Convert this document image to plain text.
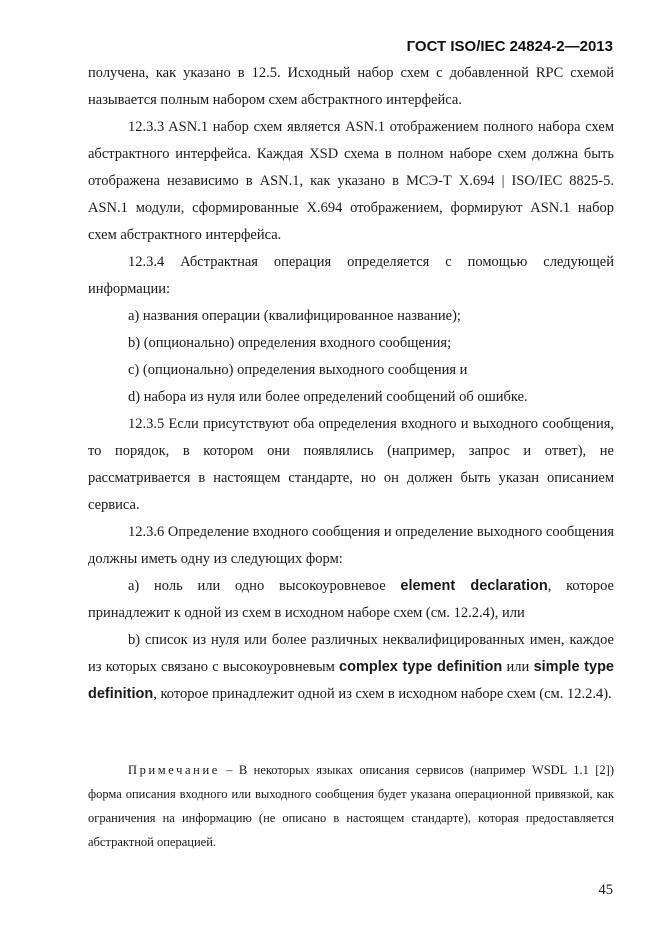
ГОСТ ISO/IEC 24824-2—2013

получена, как указано в 12.5. Исходный набор схем с добавленной RPC схемой называется полным набором схем абстрактного интерфейса.

12.3.3 ASN.1 набор схем является ASN.1 отображением полного набора схем абстрактного интерфейса. Каждая XSD схема в полном наборе схем должна быть отображена независимо в ASN.1, как указано в МСЭ-Т X.694 | ISO/IEC 8825-5. ASN.1 модули, сформированные X.694 отображением, формируют ASN.1 набор схем абстрактного интерфейса.

12.3.4 Абстрактная операция определяется с помощью следующей информации:

а) названия операции (квалифицированное название);

b) (опционально) определения входного сообщения;

с) (опционально) определения выходного сообщения и

d) набора из нуля или более определений сообщений об ошибке.

12.3.5 Если присутствуют оба определения входного и выходного сообщения, то порядок, в котором они появлялись (например, запрос и ответ), не рассматривается в настоящем стандарте, но он должен быть указан описанием сервиса.

12.3.6 Определение входного сообщения и определение выходного сообщения должны иметь одну из следующих форм:

а) ноль или одно высокоуровневое element declaration, которое принадлежит к одной из схем в исходном наборе схем (см. 12.2.4), или

b) список из нуля или более различных неквалифицированных имен, каждое из которых связано с высокоуровневым complex type definition или simple type definition, которое принадлежит одной из схем в исходном наборе схем (см. 12.2.4).

Примечание – В некоторых языках описания сервисов (например WSDL 1.1 [2]) форма описания входного или выходного сообщения будет указана операционной привязкой, как ограничения на информацию (не описано в настоящем стандарте), которая предоставляется абстрактной операцией.

45
